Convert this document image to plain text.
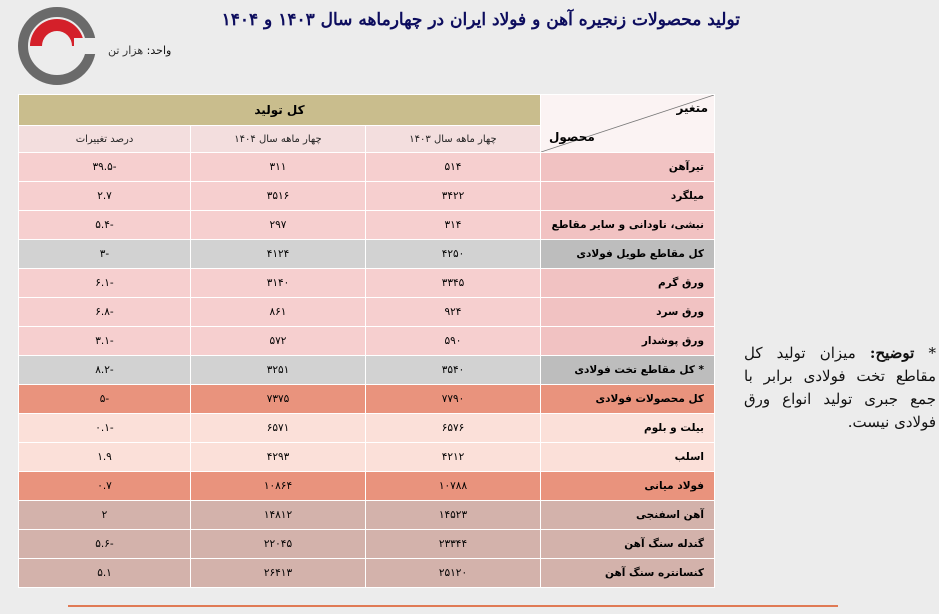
تولید محصولات زنجیره آهن و فولاد ایران در چهارماهه سال ۱۴۰۳ و ۱۴۰۴
واحد: هزار تن
متغیر
محصول	کل تولید		
	چهار ماهه سال ۱۴۰۳	چهار ماهه سال ۱۴۰۴	درصد تغییرات
تیرآهن	۵۱۴	۳۱۱	-۳۹.۵
میلگرد	۳۴۲۲	۳۵۱۶	۲.۷
نبشی، ناودانی و سایر مقاطع	۳۱۴	۲۹۷	-۵.۴
کل مقاطع طویل فولادی	۴۲۵۰	۴۱۲۴	-۳
ورق گرم	۳۳۴۵	۳۱۴۰	-۶.۱
ورق سرد	۹۲۴	۸۶۱	-۶.۸
ورق پوشدار	۵۹۰	۵۷۲	-۳.۱
* کل مقاطع تخت فولادی	۳۵۴۰	۳۲۵۱	-۸.۲
کل محصولات فولادی	۷۷۹۰	۷۳۷۵	-۵
بیلت و بلوم	۶۵۷۶	۶۵۷۱	-۰.۱
اسلب	۴۲۱۲	۴۲۹۳	۱.۹
فولاد میانی	۱۰۷۸۸	۱۰۸۶۴	۰.۷
آهن اسفنجی	۱۴۵۲۳	۱۴۸۱۲	۲
گندله سنگ آهن	۲۳۳۴۴	۲۲۰۴۵	-۵.۶
کنسانتره سنگ آهن	۲۵۱۲۰	۲۶۴۱۳	۵.۱
* توضیح: میزان تولید کل مقاطع تخت فولادی برابر با جمع جبری تولید انواع ورق فولادی نیست.
